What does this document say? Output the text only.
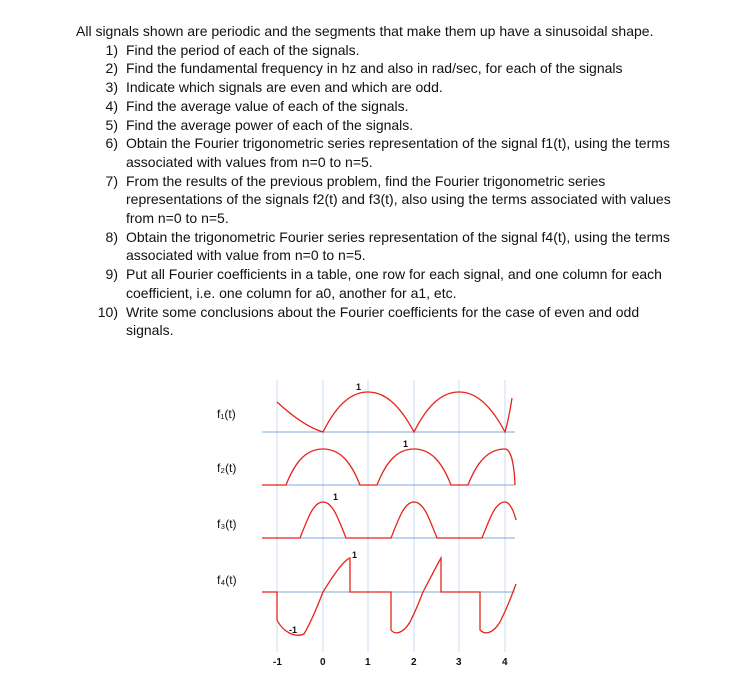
All signals shown are periodic and the segments that make them up have a sinusoidal shape.

1) Find the period of each of the signals.
2) Find the fundamental frequency in hz and also in rad/sec, for each of the signals
3) Indicate which signals are even and which are odd.
4) Find the average value of each of the signals.
5) Find the average power of each of the signals.
6) Obtain the Fourier trigonometric series representation of the signal f1(t), using the terms associated with values from n=0 to n=5.
7) From the results of the previous problem, find the Fourier trigonometric series representations of the signals f2(t) and f3(t), also using the terms associated with values from n=0 to n=5.
8) Obtain the trigonometric Fourier series representation of the signal f4(t), using the terms associated with value from n=0 to n=5.
9) Put all Fourier coefficients in a table, one row for each signal, and one column for each coefficient, i.e. one column for a0, another for a1, etc.
10) Write some conclusions about the Fourier coefficients for the case of even and odd signals.
f₁(t)
f₂(t)
f₃(t)
f₄(t)
1
1
1
1
-1
-1	0	1	2	3	4
